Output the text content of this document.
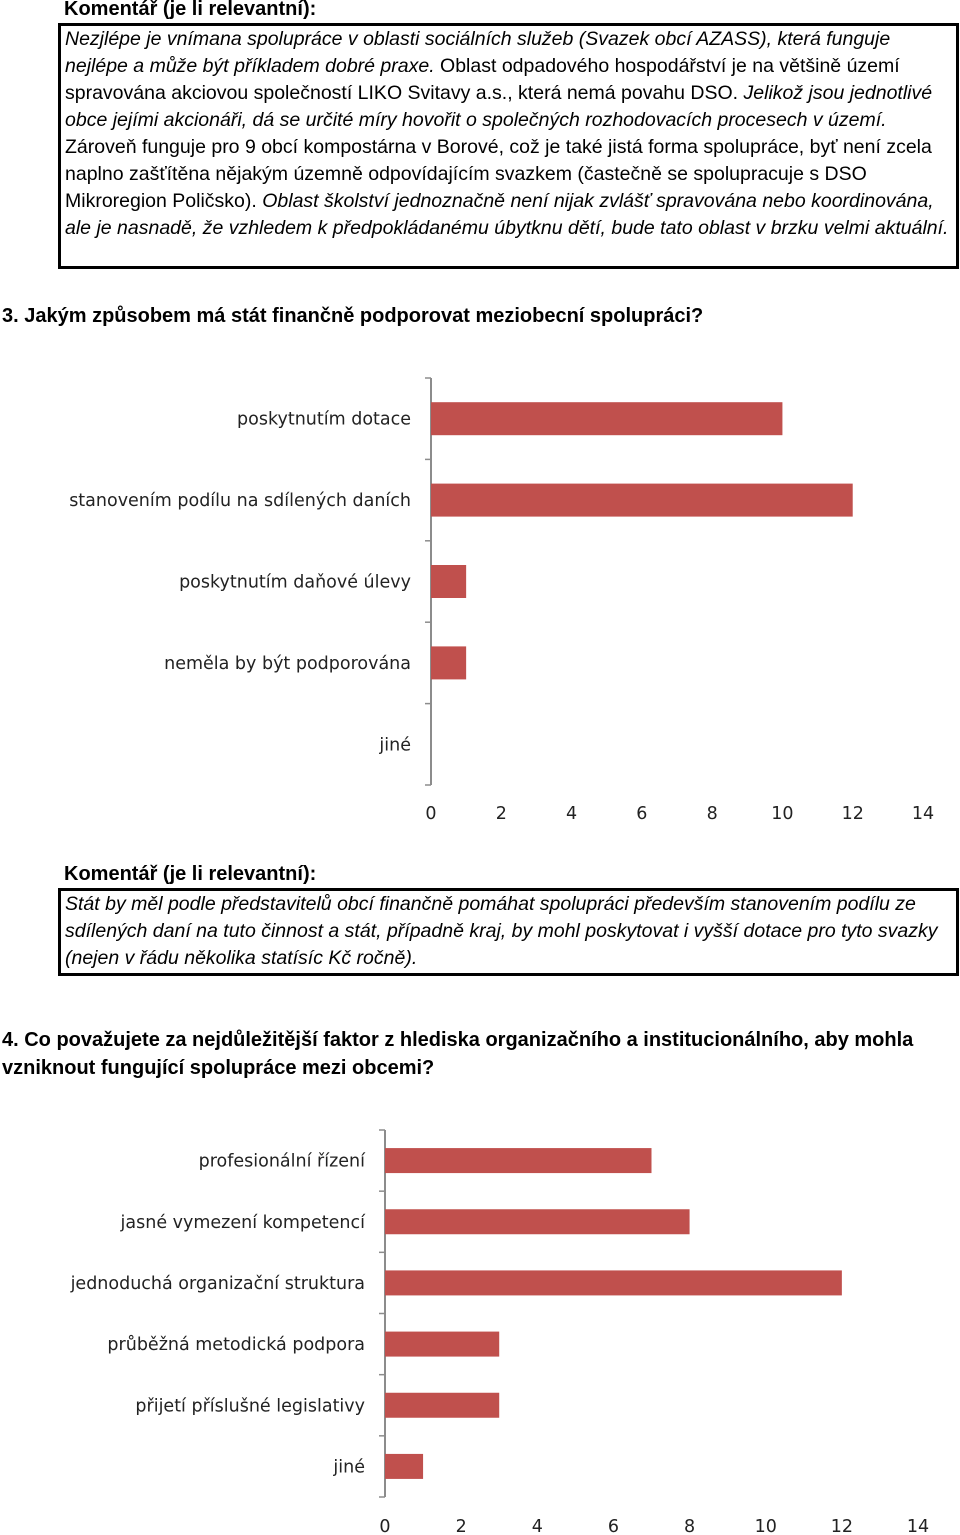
Komentář (je li relevantní):
Nezjlépe je vnímana spolupráce v oblasti sociálních služeb (Svazek obcí AZASS), která funguje nejlépe a může být příkladem dobré praxe. Oblast odpadového hospodářství je na většině území spravována akciovou společností LIKO Svitavy a.s., která nemá povahu DSO. Jelikož jsou jednotlivé obce jejími akcionáři, dá se určité míry hovořit o společných rozhodovacích procesech v území. Zároveň funguje pro 9 obcí kompostárna v Borové, což je také jistá forma spolupráce, byť není zcela naplno zašťítěna nějakým územně odpovídajícím svazkem (častečně se spolupracuje s DSO Mikroregion Poličsko). Oblast školství jednoznačně není nijak zvlášť spravována nebo koordinována, ale je nasnadě, že vzhledem k předpokládanému úbytknu dětí, bude tato oblast v brzku velmi aktuální.
3. Jakým způsobem má stát finančně podporovat meziobecní spolupráci?
poskytnutím dotace
stanovením podílu na sdílených daních
poskytnutím daňové úlevy
neměla by být podporována
jiné
0	2	4	6	8	10	12	14
Komentář (je li relevantní):
Stát by měl podle představitelů obcí finančně pomáhat spolupráci především stanovením podílu ze sdílených daní na tuto činnost a stát, případně kraj, by mohl poskytovat i vyšší dotace pro tyto svazky (nejen v řádu několika statísíc Kč ročně).
4. Co považujete za nejdůležitější faktor z hlediska organizačního a institucionálního, aby mohla vzniknout fungující spolupráce mezi obcemi?
profesionální řízení
jasné vymezení kompetencí
jednoduchá organizační struktura
průběžná metodická podpora
přijetí příslušné legislativy
jiné
0	2	4	6	8	10	12	14
